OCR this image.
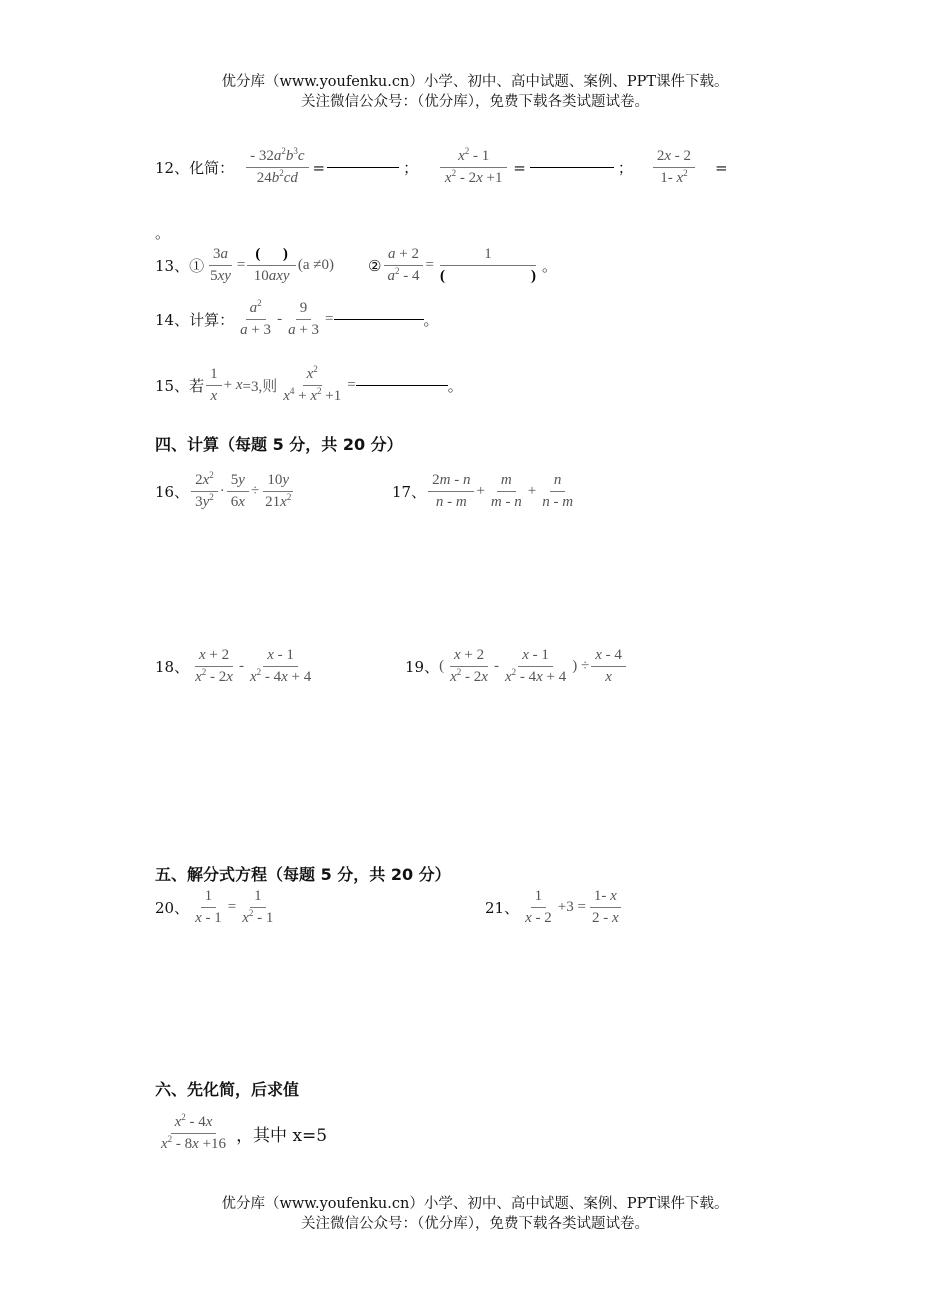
优分库（www.youfenku.cn）小学、初中、高中试题、案例、PPT课件下载。
关注微信公众号：（优分库），免费下载各类试题试卷。
12、化简： $\frac{- 32a^2b^3c}{24b^2cd}$ =	； $\frac{x^2 - 1}{x^2 - 2x +1}$ =	； $\frac{2x - 2}{1- x^2}$ =
。
13、① $\frac{3a}{5xy} = \frac{( )}{\text{10axy}} (a \ne 0)$ ② $\frac{a + 2}{a^2 - 4} = 1$
(	) 。
14、计算： $\frac{a^2}{a + 3} - \frac{9}{a + 3}$ =	。
15、若 $\frac{1}{x} + x =3$,则 $\frac{x^2}{x^4 + x^2 +1}$ =	。
四、计算（每题 5 分，共 20 分）
16、 $\frac{2x^2}{3y^2} \cdot \frac{5y}{6x} \div \frac{10y}{21x^2}$	17、 $\frac{2m - n}{n - m} + \frac{m}{m - n} + \frac{n}{n - m}$
18、 $\frac{x + 2}{x^2 - 2x} - \frac{x - 1}{x^2 - 4x + 4}$	19、 ( $\frac{x + 2}{x^2 - 2x} - \frac{x - 1}{x^2 - 4x + 4}$ ) ÷ $\frac{x - 4}{x}$
五、解分式方程（每题 5 分，共 20 分）
20、 $\frac{1}{x - 1} = \frac{1}{x^2 - 1}$	21、 $\frac{1}{x - 2} +3 = \frac{1- x}{2 - x}$
六、先化简，后求值
$\frac{x^2 - 4x}{x^2 - 8x +16}$ ，其中 x=5
优分库（www.youfenku.cn）小学、初中、高中试题、案例、PPT课件下载。
关注微信公众号：（优分库），免费下载各类试题试卷。
